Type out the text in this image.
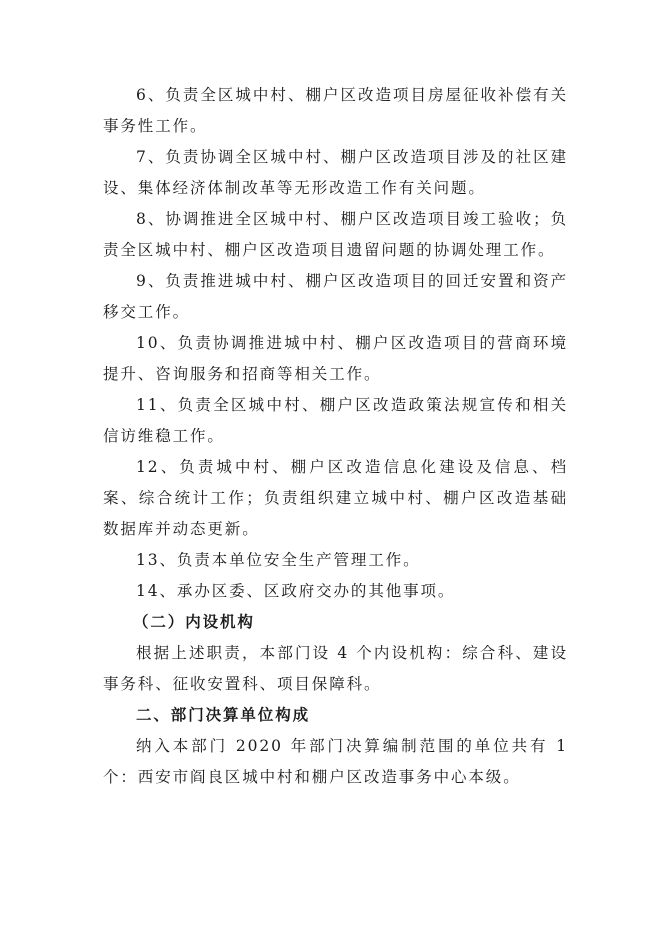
6、负责全区城中村、棚户区改造项目房屋征收补偿有关事务性工作。

7、负责协调全区城中村、棚户区改造项目涉及的社区建设、集体经济体制改革等无形改造工作有关问题。

8、协调推进全区城中村、棚户区改造项目竣工验收；负责全区城中村、棚户区改造项目遗留问题的协调处理工作。

9、负责推进城中村、棚户区改造项目的回迁安置和资产移交工作。

10、负责协调推进城中村、棚户区改造项目的营商环境提升、咨询服务和招商等相关工作。

11、负责全区城中村、棚户区改造政策法规宣传和相关信访维稳工作。

12、负责城中村、棚户区改造信息化建设及信息、档案、综合统计工作；负责组织建立城中村、棚户区改造基础数据库并动态更新。

13、负责本单位安全生产管理工作。

14、承办区委、区政府交办的其他事项。

（二）内设机构

根据上述职责，本部门设 4 个内设机构：综合科、建设事务科、征收安置科、项目保障科。

二、部门决算单位构成

纳入本部门 2020 年部门决算编制范围的单位共有 1 个：西安市阎良区城中村和棚户区改造事务中心本级。
